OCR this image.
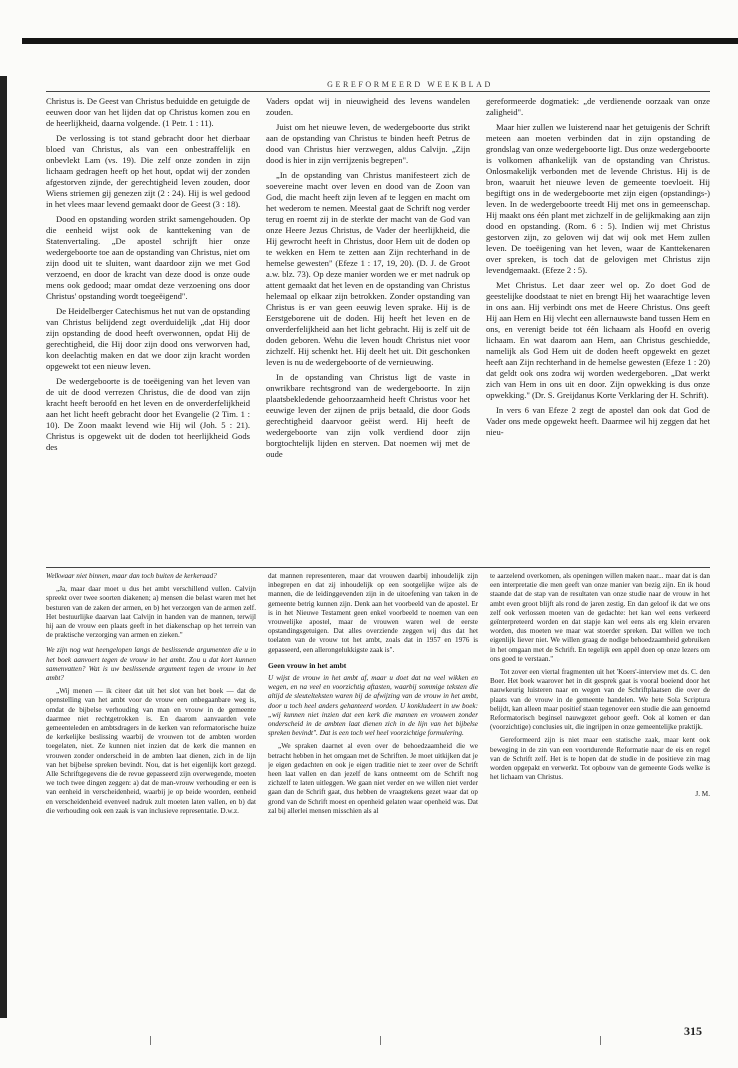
GEREFORMEERD WEEKBLAD

Christus is. De Geest van Christus beduidde en getuigde de eeuwen door van het lijden dat op Christus komen zou en de heerlijkheid, daarna volgende. (1 Petr. 1 : 11).

De verlossing is tot stand gebracht door het dierbaar bloed van Christus, als van een onbestraffelijk en onbevlekt Lam (vs. 19). Die zelf onze zonden in zijn lichaam gedragen heeft op het hout, opdat wij der zonden afgestorven zijnde, der gerechtigheid leven zouden, door Wiens striemen gij genezen zijt (2 : 24). Hij is wel gedood in het vlees maar levend gemaakt door de Geest (3 : 18).

Dood en opstanding worden strikt samengehouden. Op die eenheid wijst ook de kanttekening van de Statenvertaling. „De apostel schrijft hier onze wedergeboorte toe aan de opstanding van Christus, niet om zijn dood uit te sluiten, want daardoor zijn we met God verzoend, en door de kracht van deze dood is onze oude mens ook gedood; maar omdat deze verzoening ons door Christus' opstanding wordt toegeëigend".

De Heidelberger Catechismus het nut van de opstanding van Christus belijdend zegt overduidelijk „dat Hij door zijn opstanding de dood heeft overwonnen, opdat Hij de gerechtigheid, die Hij door zijn dood ons verworven had, kon deelachtig maken en dat we door zijn kracht worden opgewekt tot een nieuw leven.

De wedergeboorte is de toeëigening van het leven van de uit de dood verrezen Christus, die de dood van zijn kracht heeft beroofd en het leven en de onverderfelijkheid aan het licht heeft gebracht door het Evangelie (2 Tim. 1 : 10). De Zoon maakt levend wie Hij wil (Joh. 5 : 21). Christus is opgewekt uit de doden tot heerlijkheid Gods des

Vaders opdat wij in nieuwigheid des levens wandelen zouden.

Juist om het nieuwe leven, de wedergeboorte dus strikt aan de opstanding van Christus te binden heeft Petrus de dood van Christus hier verzwegen, aldus Calvijn. „Zijn dood is hier in zijn verrijzenis begrepen".

„In de opstanding van Christus manifesteert zich de soevereine macht over leven en dood van de Zoon van God, die macht heeft zijn leven af te leggen en macht om het wederom te nemen. Meestal gaat de Schrift nog verder terug en roemt zij in de sterkte der macht van de God van onze Heere Jezus Christus, de Vader der heerlijkheid, die Hij gewrocht heeft in Christus, door Hem uit de doden op te wekken en Hem te zetten aan Zijn rechterhand in de hemelse gewesten" (Efeze 1 : 17, 19, 20). (D. J. de Groot a.w. blz. 73). Op deze manier worden we er met nadruk op attent gemaakt dat het leven en de opstanding van Christus helemaal op elkaar zijn betrokken. Zonder opstanding van Christus is er van geen eeuwig leven sprake. Hij is de Eerstgeborene uit de doden. Hij heeft het leven en de onverderfelijkheid aan het licht gebracht. Hij is zelf uit de doden geboren. Wehu die leven houdt Christus niet voor zichzelf. Hij schenkt het. Hij deelt het uit. Dit geschonken leven is nu de wedergeboorte of de vernieuwing.

In de opstanding van Christus ligt de vaste in onwrikbare rechtsgrond van de wedergeboorte. In zijn plaatsbekledende gehoorzaamheid heeft Christus voor het eeuwige leven der zijnen de prijs betaald, die door Gods gerechtigheid daarvoor geëist werd. Hij heeft de wedergeboorte van zijn volk verdiend door zijn borgtochtelijk lijden en sterven. Dat noemen wij met de oude

gereformeerde dogmatiek: „de verdienende oorzaak van onze zaligheid".

Maar hier zullen we luisterend naar het getuigenis der Schrift meteen aan moeten verbinden dat in zijn opstanding de grondslag van onze wedergeboorte ligt. Dus onze wedergeboorte is volkomen afhankelijk van de opstanding van Christus. Onlosmakelijk verbonden met de levende Christus. Hij is de bron, waaruit het nieuwe leven de gemeente toevloeit. Hij begiftigt ons in de wedergeboorte met zijn eigen (opstandings-) leven. In de wedergeboorte treedt Hij met ons in gemeenschap. Hij maakt ons één plant met zichzelf in de gelijkmaking aan zijn dood en opstanding. (Rom. 6 : 5). Indien wij met Christus gestorven zijn, zo geloven wij dat wij ook met Hem zullen leven. De toeëigening van het leven, waar de Kanttekenaren over spreken, is toch dat de gelovigen met Christus zijn levendgemaakt. (Efeze 2 : 5).

Met Christus. Let daar zeer wel op. Zo doet God de geestelijke doodstaat te niet en brengt Hij het waarachtige leven in ons aan. Hij verbindt ons met de Heere Christus. Ons geeft Hij aan Hem en Hij vlecht een allernauwste band tussen Hem en ons, en verenigt beide tot één lichaam als Hoofd en overig lichaam. En wat daarom aan Hem, aan Christus geschiedde, namelijk als God Hem uit de doden heeft opgewekt en gezet heeft aan Zijn rechterhand in de hemelse gewesten (Efeze 1 : 20) dat geldt ook ons zodra wij worden wedergeboren. „Dat werkt zich van Hem in ons uit en door. Zijn opwekking is dus onze opwekking." (Dr. S. Greijdanus Korte Verklaring der H. Schrift).

In vers 6 van Efeze 2 zegt de apostel dan ook dat God de Vader ons mede opgewekt heeft. Daarmee wil hij zeggen dat het nieu-

Welkwaar niet binnen, maar dan toch buiten de kerkeraad?

„Ja, maar daar moet u dus het ambt verschillend vullen. Calvijn spreekt over twee soorten diakenen; a) mensen die belast waren met het besturen van de zaken der armen, en b) het verzorgen van de armen zelf. Het bestuurlijke daarvan laat Calvijn in handen van de mannen, terwijl hij aan de vrouw een plaats geeft in het diakenschap op het terrein van de praktische verzorging van armen en zieken."

We zijn nog wat heengelopen langs de beslissende argumenten die u in het boek aanvoert tegen de vrouw in het ambt. Zou u dat kort kunnen samenvatten? Wat is uw beslissende argument tegen de vrouw in het ambt?

„Wij menen — ik citeer dat uit het slot van het boek — dat de openstelling van het ambt voor de vrouw een onbegaanbare weg is, omdat de bijbelse verhouding van man en vrouw in de gemeente daarmee niet rechtgetrokken is. En daarom aanvaarden vele gemeenteleden en ambtsdragers in de kerken van reformatorische huize de kerkelijke beslissing waarbij de vrouwen tot de ambten worden toegelaten, niet. Ze kunnen niet inzien dat de kerk die mannen en vrouwen zonder onderscheid in de ambten laat dienen, zich in de lijn van het bijbelse spreken bevindt. Nou, dat is het eigenlijk kort gezegd. Alle Schriftgegevens die de revue gepasseerd zijn overwegende, moeten we toch twee dingen zeggen: a) dat de man-vrouw verhouding er een is van eenheid in verscheidenheid, waarbij je op beide woorden, eenheid en verscheidenheid evenveel nadruk zult moeten laten vallen, en b) dat die verhouding ook een zaak is van inclusieve representatie. D.w.z.

dat mannen representeren, maar dat vrouwen daarbij inhoudelijk zijn inbegrepen en dat zij inhoudelijk op een sootgelijke wijze als de mannen, die de leidinggevenden zijn in de uitoefening van taken in de gemeente betrig kunnen zijn. Denk aan het voorbeeld van de apostel. Er is in het Nieuwe Testament geen enkel voorbeeld te noemen van een vrouwelijke apostel, maar de vrouwen waren wel de eerste opstandingsgetuigen. Dat alles overziende zeggen wij dus dat het toelaten van de vrouw tot het ambt, zoals dat in 1957 en 1976 is gepasseerd, een allerongelukkigste zaak is".

Geen vrouw in het ambt

U wijst de vrouw in het ambt af, maar u doet dat na veel wikken en wegen, en na veel en voorzichtig aftasten, waarbij sommige teksten die altijd de sleutelteksten waren bij de afwijzing van de vrouw in het ambt, door u toch heel anders gehanteerd worden. U konkludeert in uw boek: „wij kunnen niet inzien dat een kerk die mannen en vrouwen zonder onderscheid in de ambten laat dienen zich in de lijn van het bijbelse spreken bevindt". Dat is een toch wel heel voorzichtige formulering.

„We spraken daarnet al even over de behoedzaamheid die we betracht hebben in het omgaan met de Schriften. Je moet uitkijken dat je je eigen gedachten en ook je eigen traditie niet te zeer over de Schrift heen laat vallen en dan jezelf de kans ontneemt om de Schrift nog zichzelf te laten uitleggen. We gaan niet verder en we willen niet verder gaan dan de Schrift gaat, dus hebben de vraagtekens gezet waar dat op grond van de Schrift moest en openheid gelaten waar openheid was. Dat zal bij allerlei mensen misschien als al

te aarzelend overkomen, als openingen willen maken naar... maar dat is dan een interpretatie die men geeft van onze manier van bezig zijn. En ik houd staande dat de stap van de resultaten van onze studie naar de vrouw in het ambt even groot blijft als rond de jaren zestig. En dan geloof ik dat we ons zelf ook verlossen moeten van de gedachte: het kan wel eens verkeerd geïnterpreteerd worden en dat stapje kan wel eens als erg klein ervaren worden, dus moeten we maar wat stoerder spreken. Dat willen we toch eigenlijk liever niet. We willen graag de nodige behoedzaamheid gebruiken in het omgaan met de Schrift. En tegelijk een appèl doen op onze lezers om ons goed te verstaan."

Tot zover een viertal fragmenten uit het 'Koers'-interview met ds. C. den Boer. Het boek waarover het in dit gesprek gaat is vooral boeiend door het nauwkeurig luisteren naar en wegen van de Schriftplaatsen die over de plaats van de vrouw in de gemeente handelen. We hete Sola Scriptura belijdt, kan alleen maar positief staan tegenover een studie die aan genoemd Reformatorisch beginsel nauwgezet gehoor geeft. Ook al komen er dan (voorzichtige) conclusies uit, die ingrijpen in onze gemeentelijke praktijk.

Gereformeerd zijn is niet maar een statische zaak, maar kent ook beweging in de zin van een voortdurende Reformatie naar de eis en regel van de Schrift zelf. Het is te hopen dat de studie in de positieve zin mag worden opgepakt en verwerkt. Tot opbouw van de gemeente Gods welke is het lichaam van Christus.

J. M.

315
